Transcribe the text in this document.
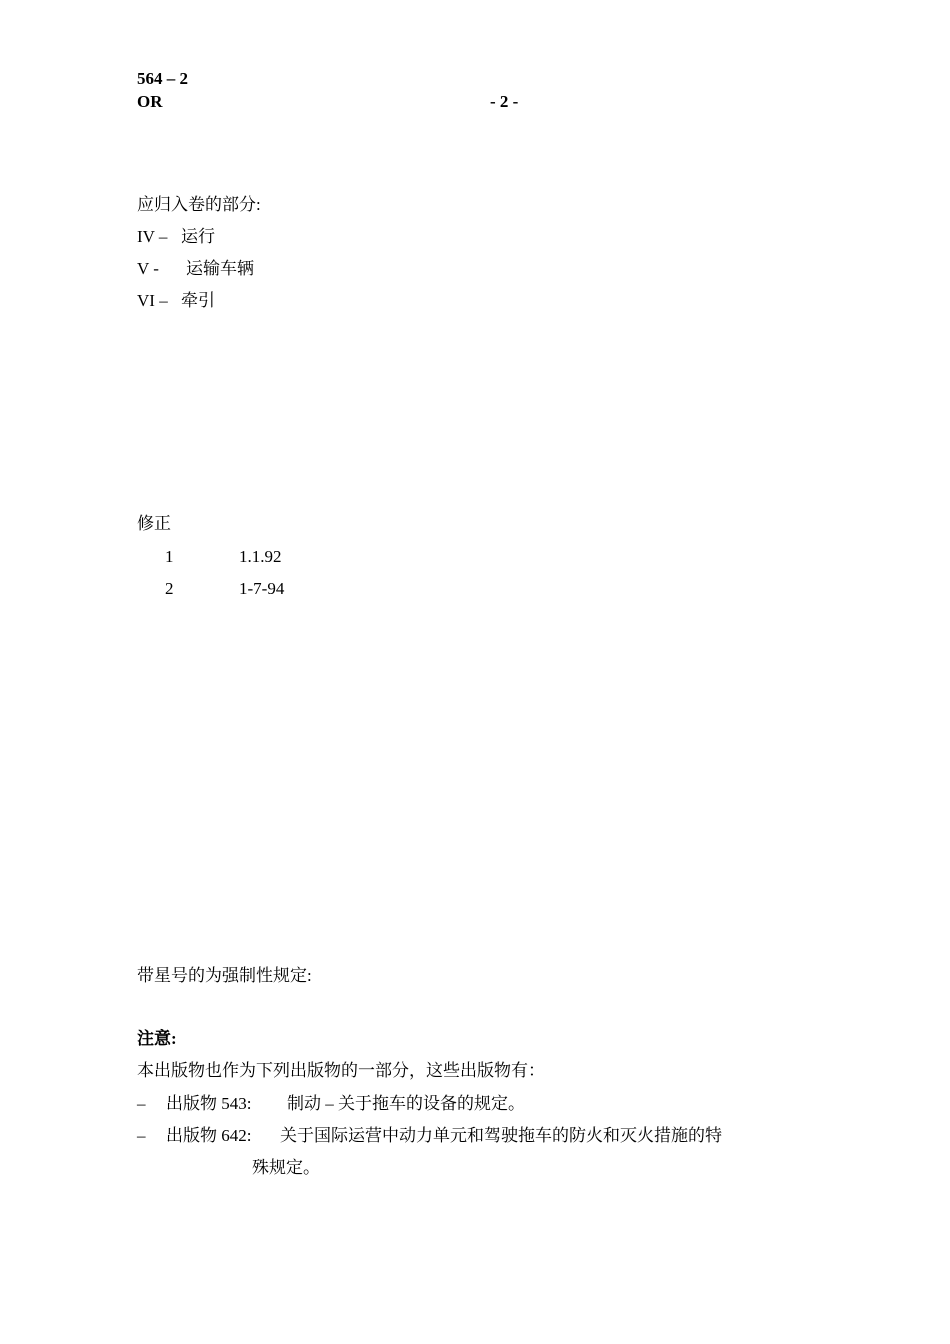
564 – 2
OR	- 2 -
应归入卷的部分:
IV – 运行
V - 运输车辆
VI – 牵引
修正
1	1.1.92
2	1-7-94
带星号的为强制性规定:
注意:
本出版物也作为下列出版物的一部分，这些出版物有：
– 出版物 543: 制动 – 关于拖车的设备的规定。
– 出版物 642: 关于国际运营中动力单元和驾驶拖车的防火和灭火措施的特
殊规定。
